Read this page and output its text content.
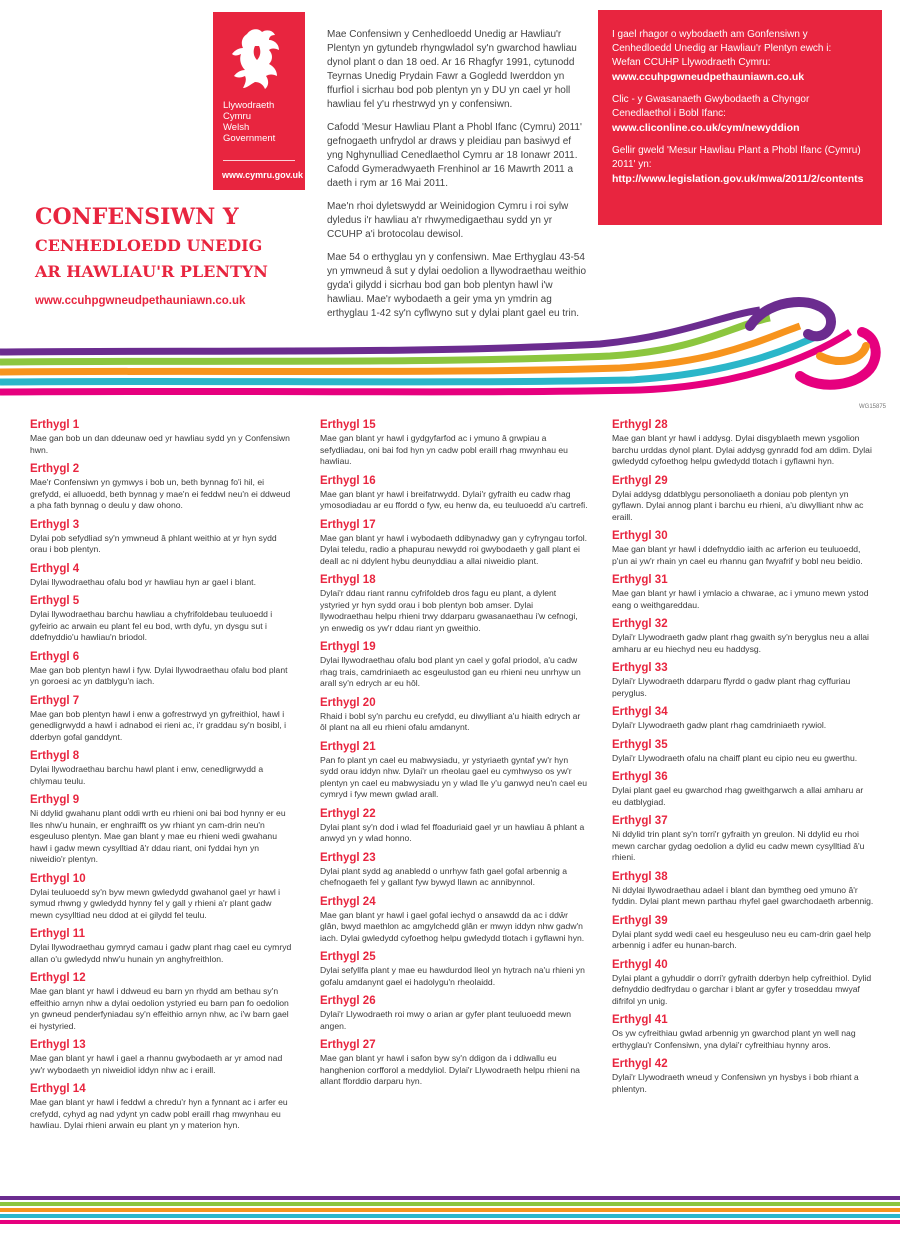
Llywodraeth Cymru
Welsh Government
www.cymru.gov.uk
CONFENSIWN Y
CENHEDLOEDD UNEDIG
AR HAWLIAU'R PLENTYN
www.ccuhpgwneudpethauniawn.co.uk

Mae Confensiwn y Cenhedloedd Unedig ar Hawliau'r Plentyn yn gytundeb rhyngwladol sy'n gwarchod hawliau dynol plant o dan 18 oed. Ar 16 Rhagfyr 1991, cytunodd Teyrnas Unedig Prydain Fawr a Gogledd Iwerddon yn ffurfiol i sicrhau bod pob plentyn yn y DU yn cael yr holl hawliau fel y'u rhestrwyd yn y confensiwn.

Cafodd 'Mesur Hawliau Plant a Phobl Ifanc (Cymru) 2011' gefnogaeth unfrydol ar draws y pleidiau pan basiwyd ef yng Nghynulliad Cenedlaethol Cymru ar 18 Ionawr 2011. Cafodd Gymeradwyaeth Frenhinol ar 16 Mawrth 2011 a daeth i rym ar 16 Mai 2011.

Mae'n rhoi dyletswydd ar Weinidogion Cymru i roi sylw dyledus i'r hawliau a'r rhwymedigaethau sydd yn yr CCUHP a'i brotocolau dewisol.

Mae 54 o erthyglau yn y confensiwn. Mae Erthyglau 43-54 yn ymwneud â sut y dylai oedolion a llywodraethau weithio gyda'i gilydd i sicrhau bod gan bob plentyn hawl i'w hawliau. Mae'r wybodaeth a geir yma yn ymdrin ag erthyglau 1-42 sy'n cyflwyno sut y dylai plant gael eu trin.

I gael rhagor o wybodaeth am Gonfensiwn y Cenhedloedd Unedig ar Hawliau'r Plentyn ewch i:
Wefan CCUHP Llywodraeth Cymru:
www.ccuhpgwneudpethauniawn.co.uk

Clic - y Gwasanaeth Gwybodaeth a Chyngor Cenedlaethol i Bobl Ifanc:
www.cliconline.co.uk/cym/newyddion

Gellir gweld 'Mesur Hawliau Plant a Phobl Ifanc (Cymru) 2011' yn:
http://www.legislation.gov.uk/mwa/2011/2/contents

WG15875

Erthygl 1

Mae gan bob un dan ddeunaw oed yr hawliau sydd yn y Confensiwn hwn.

Erthygl 2

Mae'r Confensiwn yn gymwys i bob un, beth bynnag fo'i hil, ei grefydd, ei alluoedd, beth bynnag y mae'n ei feddwl neu'n ei ddweud a pha fath bynnag o deulu y daw ohono.

Erthygl 3

Dylai pob sefydliad sy'n ymwneud â phlant weithio at yr hyn sydd orau i bob plentyn.

Erthygl 4

Dylai llywodraethau ofalu bod yr hawliau hyn ar gael i blant.

Erthygl 5

Dylai llywodraethau barchu hawliau a chyfrifoldebau teuluoedd i gyfeirio ac arwain eu plant fel eu bod, wrth dyfu, yn dysgu sut i ddefnyddio'u hawliau'n briodol.

Erthygl 6

Mae gan bob plentyn hawl i fyw. Dylai llywodraethau ofalu bod plant yn goroesi ac yn datblygu'n iach.

Erthygl 7

Mae gan bob plentyn hawl i enw a gofrestrwyd yn gyfreithiol, hawl i genedligrwydd a hawl i adnabod ei rieni ac, i'r graddau sy'n bosibl, i dderbyn gofal ganddynt.

Erthygl 8

Dylai llywodraethau barchu hawl plant i enw, cenedligrwydd a chlymau teulu.

Erthygl 9

Ni ddylid gwahanu plant oddi wrth eu rhieni oni bai bod hynny er eu lles nhw'u hunain, er enghraifft os yw rhiant yn cam-drin neu'n esgeuluso plentyn. Mae gan blant y mae eu rhieni wedi gwahanu hawl i gadw mewn cysylltiad â'r ddau riant, oni fyddai hyn yn niweidio'r plentyn.

Erthygl 10

Dylai teuluoedd sy'n byw mewn gwledydd gwahanol gael yr hawl i symud rhwng y gwledydd hynny fel y gall y rhieni a'r plant gadw mewn cysylltiad neu ddod at ei gilydd fel teulu.

Erthygl 11

Dylai llywodraethau gymryd camau i gadw plant rhag cael eu cymryd allan o'u gwledydd nhw'u hunain yn anghyfreithlon.

Erthygl 12

Mae gan blant yr hawl i ddweud eu barn yn rhydd am bethau sy'n effeithio arnyn nhw a dylai oedolion ystyried eu barn pan fo oedolion yn gwneud penderfyniadau sy'n effeithio arnyn nhw, ac i'w barn gael ei hystyried.

Erthygl 13

Mae gan blant yr hawl i gael a rhannu gwybodaeth ar yr amod nad yw'r wybodaeth yn niweidiol iddyn nhw ac i eraill.

Erthygl 14

Mae gan blant yr hawl i feddwl a chredu'r hyn a fynnant ac i arfer eu crefydd, cyhyd ag nad ydynt yn cadw pobl eraill rhag mwynhau eu hawliau. Dylai rhieni arwain eu plant yn y materion hyn.

Erthygl 15

Mae gan blant yr hawl i gydgyfarfod ac i ymuno â grwpiau a sefydliadau, oni bai fod hyn yn cadw pobl eraill rhag mwynhau eu hawliau.

Erthygl 16

Mae gan blant yr hawl i breifatrwydd. Dylai'r gyfraith eu cadw rhag ymosodiadau ar eu ffordd o fyw, eu henw da, eu teuluoedd a'u cartrefi.

Erthygl 17

Mae gan blant yr hawl i wybodaeth ddibynadwy gan y cyfryngau torfol. Dylai teledu, radio a phapurau newydd roi gwybodaeth y gall plant ei deall ac ni ddylent hybu deunyddiau a allai niweidio plant.

Erthygl 18

Dylai'r ddau riant rannu cyfrifoldeb dros fagu eu plant, a dylent ystyried yr hyn sydd orau i bob plentyn bob amser. Dylai llywodraethau helpu rhieni trwy ddarparu gwasanaethau i'w cefnogi, yn enwedig os yw'r ddau riant yn gweithio.

Erthygl 19

Dylai llywodraethau ofalu bod plant yn cael y gofal priodol, a'u cadw rhag trais, camdriniaeth ac esgeulustod gan eu rhieni neu unrhyw un arall sy'n edrych ar eu hôl.

Erthygl 20

Rhaid i bobl sy'n parchu eu crefydd, eu diwylliant a'u hiaith edrych ar ôl plant na all eu rhieni ofalu amdanynt.

Erthygl 21

Pan fo plant yn cael eu mabwysiadu, yr ystyriaeth gyntaf yw'r hyn sydd orau iddyn nhw. Dylai'r un rheolau gael eu cymhwyso os yw'r plentyn yn cael eu mabwysiadu yn y wlad lle y'u ganwyd neu'n cael eu cymryd i fyw mewn gwlad arall.

Erthygl 22

Dylai plant sy'n dod i wlad fel ffoaduriaid gael yr un hawliau â phlant a anwyd yn y wlad honno.

Erthygl 23

Dylai plant sydd ag anabledd o unrhyw fath gael gofal arbennig a chefnogaeth fel y gallant fyw bywyd llawn ac annibynnol.

Erthygl 24

Mae gan blant yr hawl i gael gofal iechyd o ansawdd da ac i ddŵr glân, bwyd maethlon ac amgylchedd glân er mwyn iddyn nhw gadw'n iach. Dylai gwledydd cyfoethog helpu gwledydd tlotach i gyflawni hyn.

Erthygl 25

Dylai sefyllfa plant y mae eu hawdurdod lleol yn hytrach na'u rhieni yn gofalu amdanynt gael ei hadolygu'n rheolaidd.

Erthygl 26

Dylai'r Llywodraeth roi mwy o arian ar gyfer plant teuluoedd mewn angen.

Erthygl 27

Mae gan blant yr hawl i safon byw sy'n ddigon da i ddiwallu eu hanghenion corfforol a meddyliol. Dylai'r Llywodraeth helpu rhieni na allant fforddio darparu hyn.

Erthygl 28

Mae gan blant yr hawl i addysg. Dylai disgyblaeth mewn ysgolion barchu urddas dynol plant. Dylai addysg gynradd fod am ddim. Dylai gwledydd cyfoethog helpu gwledydd tlotach i gyflawni hyn.

Erthygl 29

Dylai addysg ddatblygu personoliaeth a doniau pob plentyn yn gyflawn. Dylai annog plant i barchu eu rhieni, a'u diwylliant nhw ac eraill.

Erthygl 30

Mae gan blant yr hawl i ddefnyddio iaith ac arferion eu teuluoedd, p'un ai yw'r rhain yn cael eu rhannu gan fwyafrif y bobl neu beidio.

Erthygl 31

Mae gan blant yr hawl i ymlacio a chwarae, ac i ymuno mewn ystod eang o weithgareddau.

Erthygl 32

Dylai'r Llywodraeth gadw plant rhag gwaith sy'n beryglus neu a allai amharu ar eu hiechyd neu eu haddysg.

Erthygl 33

Dylai'r Llywodraeth ddarparu ffyrdd o gadw plant rhag cyffuriau peryglus.

Erthygl 34

Dylai'r Llywodraeth gadw plant rhag camdriniaeth rywiol.

Erthygl 35

Dylai'r Llywodraeth ofalu na chaiff plant eu cipio neu eu gwerthu.

Erthygl 36

Dylai plant gael eu gwarchod rhag gweithgarwch a allai amharu ar eu datblygiad.

Erthygl 37

Ni ddylid trin plant sy'n torri'r gyfraith yn greulon. Ni ddylid eu rhoi mewn carchar gydag oedolion a dylid eu cadw mewn cysylltiad â'u rhieni.

Erthygl 38

Ni ddylai llywodraethau adael i blant dan bymtheg oed ymuno â'r fyddin. Dylai plant mewn parthau rhyfel gael gwarchodaeth arbennig.

Erthygl 39

Dylai plant sydd wedi cael eu hesgeuluso neu eu cam-drin gael help arbennig i adfer eu hunan-barch.

Erthygl 40

Dylai plant a gyhuddir o dorri'r gyfraith dderbyn help cyfreithiol. Dylid defnyddio dedfrydau o garchar i blant ar gyfer y troseddau mwyaf difrifol yn unig.

Erthygl 41

Os yw cyfreithiau gwlad arbennig yn gwarchod plant yn well nag erthyglau'r Confensiwn, yna dylai'r cyfreithiau hynny aros.

Erthygl 42

Dylai'r Llywodraeth wneud y Confensiwn yn hysbys i bob rhiant a phlentyn.
